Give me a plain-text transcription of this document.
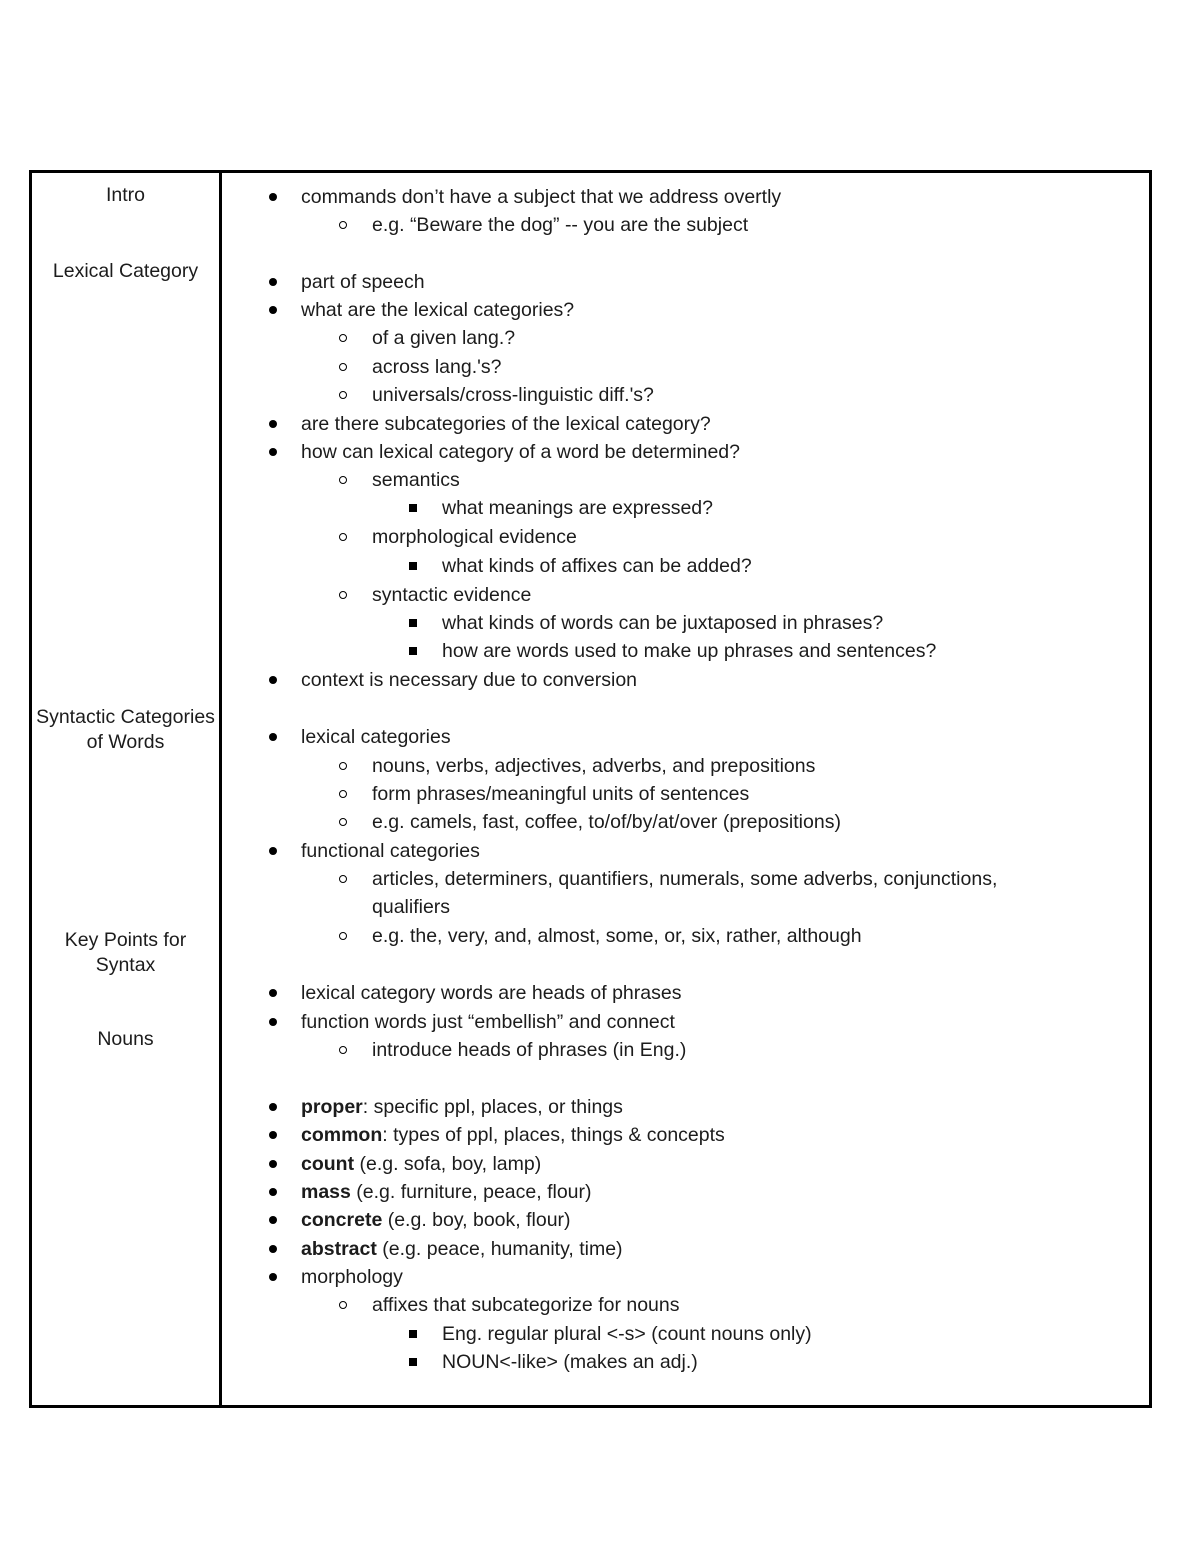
Intro
Lexical Category
Syntactic Categories of Words
Key Points for Syntax
Nouns
commands don’t have a subject that we address overtly
e.g. “Beware the dog” -- you are the subject
part of speech
what are the lexical categories?
of a given lang.?
across lang.'s?
universals/cross-linguistic diff.'s?
are there subcategories of the lexical category?
how can lexical category of a word be determined?
semantics
what meanings are expressed?
morphological evidence
what kinds of affixes can be added?
syntactic evidence
what kinds of words can be juxtaposed in phrases?
how are words used to make up phrases and sentences?
context is necessary due to conversion
lexical categories
nouns, verbs, adjectives, adverbs, and prepositions
form phrases/meaningful units of sentences
e.g. camels, fast, coffee, to/of/by/at/over (prepositions)
functional categories
articles, determiners, quantifiers, numerals, some adverbs, conjunctions,
qualifiers
e.g. the, very, and, almost, some, or, six, rather, although
lexical category words are heads of phrases
function words just “embellish” and connect
introduce heads of phrases (in Eng.)
proper: specific ppl, places, or things
common: types of ppl, places, things & concepts
count (e.g. sofa, boy, lamp)
mass (e.g. furniture, peace, flour)
concrete (e.g. boy, book, flour)
abstract (e.g. peace, humanity, time)
morphology
affixes that subcategorize for nouns
Eng. regular plural <-s> (count nouns only)
NOUN<-like> (makes an adj.)
